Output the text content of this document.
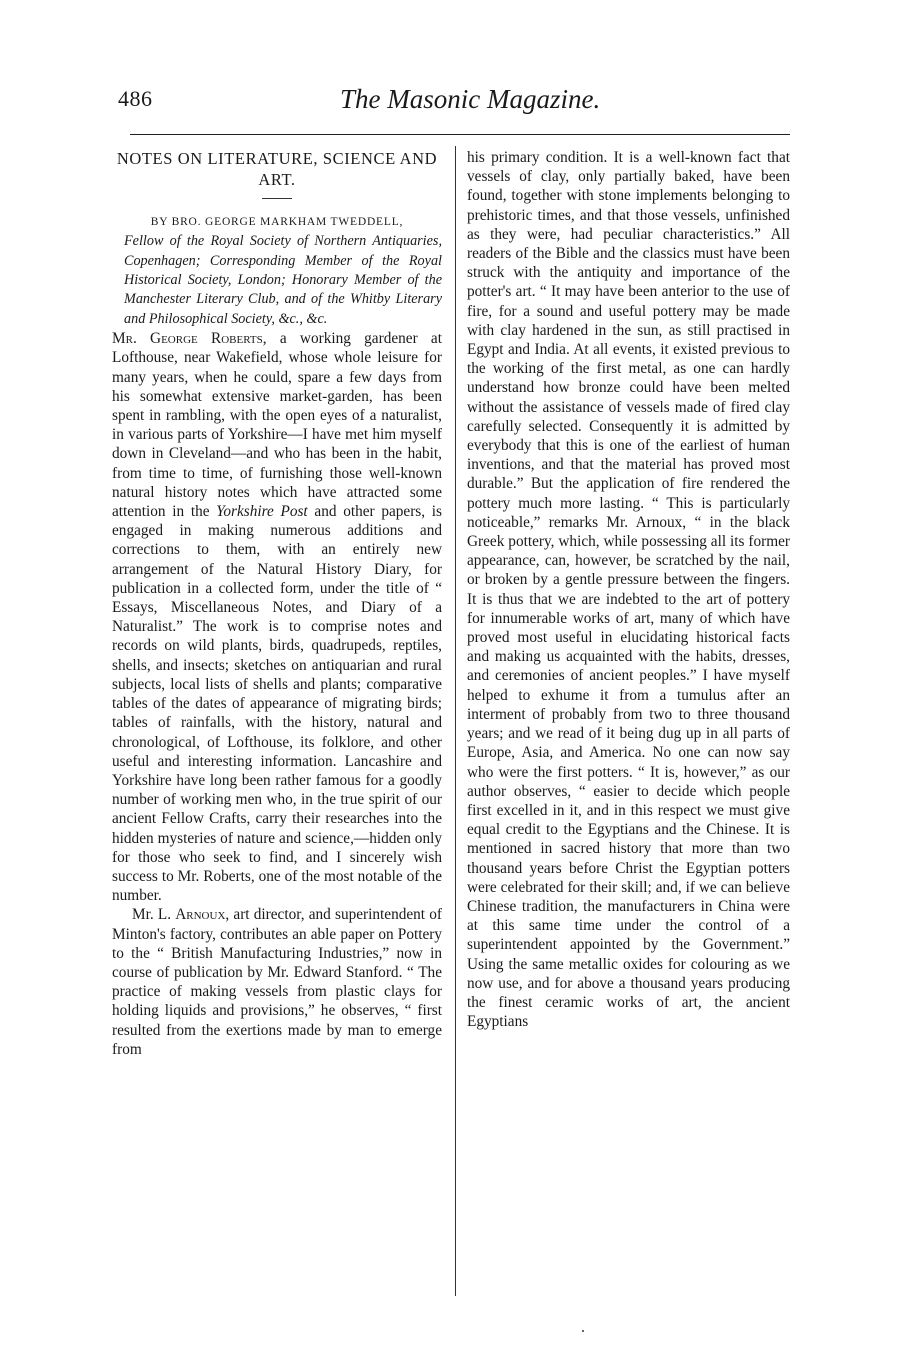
486	The Masonic Magazine.

NOTES ON LITERATURE, SCIENCE AND ART.

BY BRO. GEORGE MARKHAM TWEDDELL,

Fellow of the Royal Society of Northern Antiquaries, Copenhagen; Corresponding Member of the Royal Historical Society, London; Honorary Member of the Manchester Literary Club, and of the Whitby Literary and Philosophical Society, &c., &c.

Mr. George Roberts, a working gardener at Lofthouse, near Wakefield, whose whole leisure for many years, when he could, spare a few days from his somewhat extensive market-garden, has been spent in rambling, with the open eyes of a naturalist, in various parts of Yorkshire—I have met him myself down in Cleveland—and who has been in the habit, from time to time, of furnishing those well-known natural history notes which have attracted some attention in the Yorkshire Post and other papers, is engaged in making numerous additions and corrections to them, with an entirely new arrangement of the Natural History Diary, for publication in a collected form, under the title of “ Essays, Miscellaneous Notes, and Diary of a Naturalist.” The work is to comprise notes and records on wild plants, birds, quadrupeds, reptiles, shells, and insects; sketches on antiquarian and rural subjects, local lists of shells and plants; comparative tables of the dates of appearance of migrating birds; tables of rainfalls, with the history, natural and chronological, of Lofthouse, its folklore, and other useful and interesting information. Lancashire and Yorkshire have long been rather famous for a goodly number of working men who, in the true spirit of our ancient Fellow Crafts, carry their researches into the hidden mysteries of nature and science,—hidden only for those who seek to find, and I sincerely wish success to Mr. Roberts, one of the most notable of the number.

Mr. L. Arnoux, art director, and superintendent of Minton's factory, contributes an able paper on Pottery to the “ British Manufacturing Industries,” now in course of publication by Mr. Edward Stanford. “ The practice of making vessels from plastic clays for holding liquids and provisions,” he observes, “ first resulted from the exertions made by man to emerge from

his primary condition. It is a well-known fact that vessels of clay, only partially baked, have been found, together with stone implements belonging to prehistoric times, and that those vessels, unfinished as they were, had peculiar characteristics.” All readers of the Bible and the classics must have been struck with the antiquity and importance of the potter's art. “ It may have been anterior to the use of fire, for a sound and useful pottery may be made with clay hardened in the sun, as still practised in Egypt and India. At all events, it existed previous to the working of the first metal, as one can hardly understand how bronze could have been melted without the assistance of vessels made of fired clay carefully selected. Consequently it is admitted by everybody that this is one of the earliest of human inventions, and that the material has proved most durable.” But the application of fire rendered the pottery much more lasting. “ This is particularly noticeable,” remarks Mr. Arnoux, “ in the black Greek pottery, which, while possessing all its former appearance, can, however, be scratched by the nail, or broken by a gentle pressure between the fingers. It is thus that we are indebted to the art of pottery for innumerable works of art, many of which have proved most useful in elucidating historical facts and making us acquainted with the habits, dresses, and ceremonies of ancient peoples.” I have myself helped to exhume it from a tumulus after an interment of probably from two to three thousand years; and we read of it being dug up in all parts of Europe, Asia, and America. No one can now say who were the first potters. “ It is, however,” as our author observes, “ easier to decide which people first excelled in it, and in this respect we must give equal credit to the Egyptians and the Chinese. It is mentioned in sacred history that more than two thousand years before Christ the Egyptian potters were celebrated for their skill; and, if we can believe Chinese tradition, the manufacturers in China were at this same time under the control of a superintendent appointed by the Government.” Using the same metallic oxides for colouring as we now use, and for above a thousand years producing the finest ceramic works of art, the ancient Egyptians
